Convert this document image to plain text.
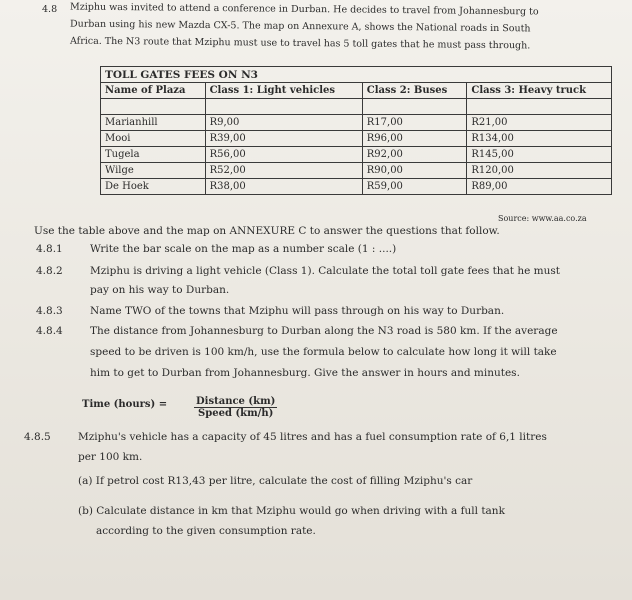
4.8 Mziphu was invited to attend a conference in Durban. He decides to travel from Johannesburg to
Durban using his new Mazda CX-5. The map on Annexure A, shows the National roads in South
Africa. The N3 route that Mziphu must use to travel has 5 toll gates that he must pass through.
TOLL GATES FEES ON N3			
Name of Plaza	Class 1: Light vehicles	Class 2: Buses	Class 3: Heavy truck

Marianhill	R9,00	R17,00	R21,00
Mooi	R39,00	R96,00	R134,00
Tugela	R56,00	R92,00	R145,00
Wilge	R52,00	R90,00	R120,00
De Hoek	R38,00	R59,00	R89,00
Source: www.aa.co.za
Use the table above and the map on ANNEXURE C to answer the questions that follow.
4.8.1	Write the bar scale on the map as a number scale (1 : ....)
4.8.2	Mziphu is driving a light vehicle (Class 1). Calculate the total toll gate fees that he must
pay on his way to Durban.
4.8.3	Name TWO of the towns that Mziphu will pass through on his way to Durban.
4.8.4	The distance from Johannesburg to Durban along the N3 road is 580 km. If the average
speed to be driven is 100 km/h, use the formula below to calculate how long it will take
him to get to Durban from Johannesburg. Give the answer in hours and minutes.
Time (hours) =	Distance (km)
Speed (km/h)
4.8.5	Mziphu's vehicle has a capacity of 45 litres and has a fuel consumption rate of 6,1 litres
per 100 km.
(a) If petrol cost R13,43 per litre, calculate the cost of filling Mziphu's car
(b) Calculate distance in km that Mziphu would go when driving with a full tank
according to the given consumption rate.
